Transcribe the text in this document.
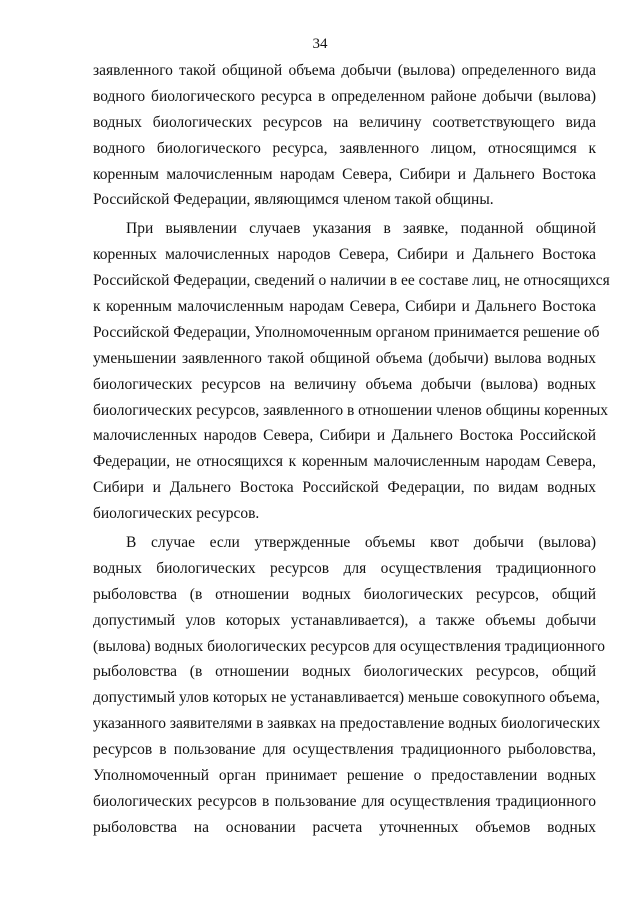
34
заявленного такой общиной объема добычи (вылова) определенного вида
водного биологического ресурса в определенном районе добычи (вылова)
водных биологических ресурсов на величину соответствующего вида
водного биологического ресурса, заявленного лицом, относящимся к
коренным малочисленным народам Севера, Сибири и Дальнего Востока
Российской Федерации, являющимся членом такой общины.
При выявлении случаев указания в заявке, поданной общиной
коренных малочисленных народов Севера, Сибири и Дальнего Востока
Российской Федерации, сведений о наличии в ее составе лиц, не относящихся
к коренным малочисленным народам Севера, Сибири и Дальнего Востока
Российской Федерации, Уполномоченным органом принимается решение об
уменьшении заявленного такой общиной объема (добычи) вылова водных
биологических ресурсов на величину объема добычи (вылова) водных
биологических ресурсов, заявленного в отношении членов общины коренных
малочисленных народов Севера, Сибири и Дальнего Востока Российской
Федерации, не относящихся к коренным малочисленным народам Севера,
Сибири и Дальнего Востока Российской Федерации, по видам водных
биологических ресурсов.
В случае если утвержденные объемы квот добычи (вылова)
водных биологических ресурсов для осуществления традиционного
рыболовства (в отношении водных биологических ресурсов, общий
допустимый улов которых устанавливается), а также объемы добычи
(вылова) водных биологических ресурсов для осуществления традиционного
рыболовства (в отношении водных биологических ресурсов, общий
допустимый улов которых не устанавливается) меньше совокупного объема,
указанного заявителями в заявках на предоставление водных биологических
ресурсов в пользование для осуществления традиционного рыболовства,
Уполномоченный орган принимает решение о предоставлении водных
биологических ресурсов в пользование для осуществления традиционного
рыболовства на основании расчета уточненных объемов водных
